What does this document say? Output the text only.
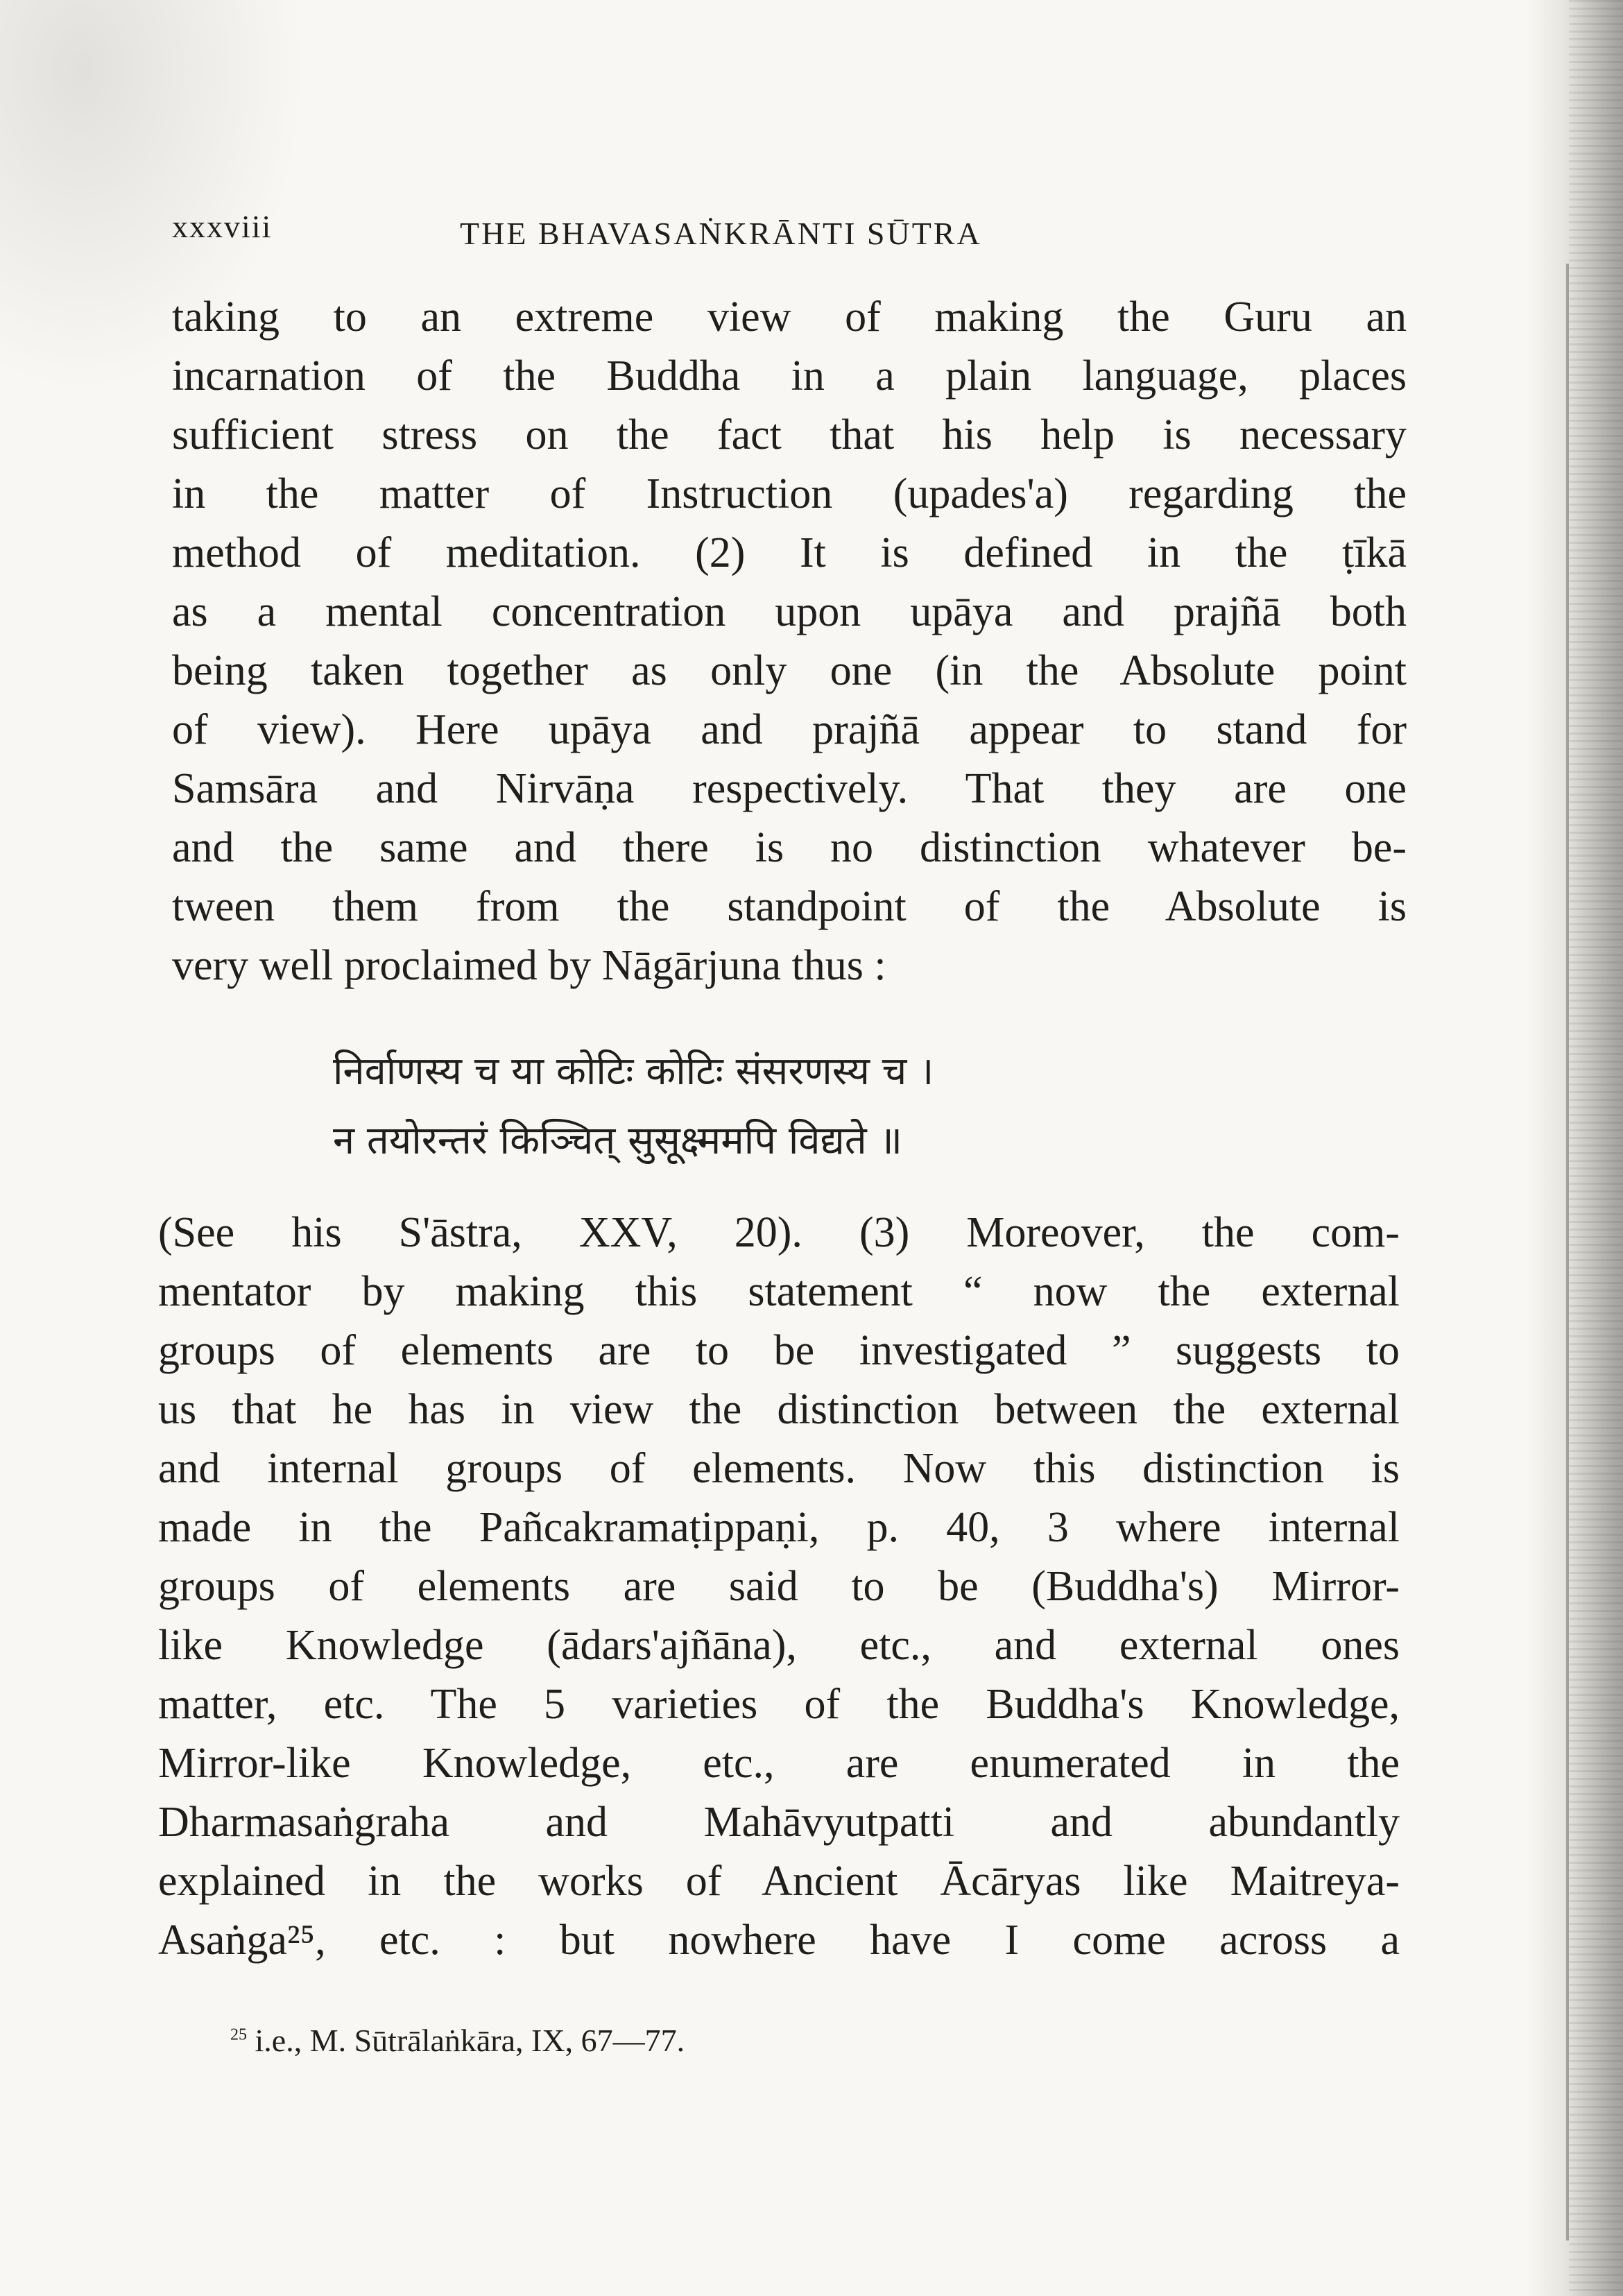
xxxviii	THE BHAVASAṄKRĀNTI SŪTRA
taking to an extreme view of making the Guru an
incarnation of the Buddha in a plain language, places
sufficient stress on the fact that his help is necessary
in the matter of Instruction (upades'a) regarding the
method of meditation. (2) It is defined in the ṭīkā
as a mental concentration upon upāya and prajñā both
being taken together as only one (in the Absolute point
of view). Here upāya and prajñā appear to stand for
Samsāra and Nirvāṇa respectively. That they are one
and the same and there is no distinction whatever be-
tween them from the standpoint of the Absolute is
very well proclaimed by Nāgārjuna thus :
निर्वाणस्य च या कोटिः कोटिः संसरणस्य च ।
न तयोरन्तरं किञ्चित् सुसूक्ष्ममपि विद्यते ॥
(See his S'āstra, XXV, 20). (3) Moreover, the com-
mentator by making this statement “ now the external
groups of elements are to be investigated ” suggests to
us that he has in view the distinction between the external
and internal groups of elements. Now this distinction is
made in the Pañcakramaṭippaṇi, p. 40, 3 where internal
groups of elements are said to be (Buddha's) Mirror-
like Knowledge (ādars'ajñāna), etc., and external ones
matter, etc. The 5 varieties of the Buddha's Knowledge,
Mirror-like Knowledge, etc., are enumerated in the
Dharmasaṅgraha and Mahāvyutpatti and abundantly
explained in the works of Ancient Ācāryas like Maitreya-
Asaṅga²⁵, etc. : but nowhere have I come across a
$^{25}$ i.e., M. Sūtrālaṅkāra, IX, 67—77.
